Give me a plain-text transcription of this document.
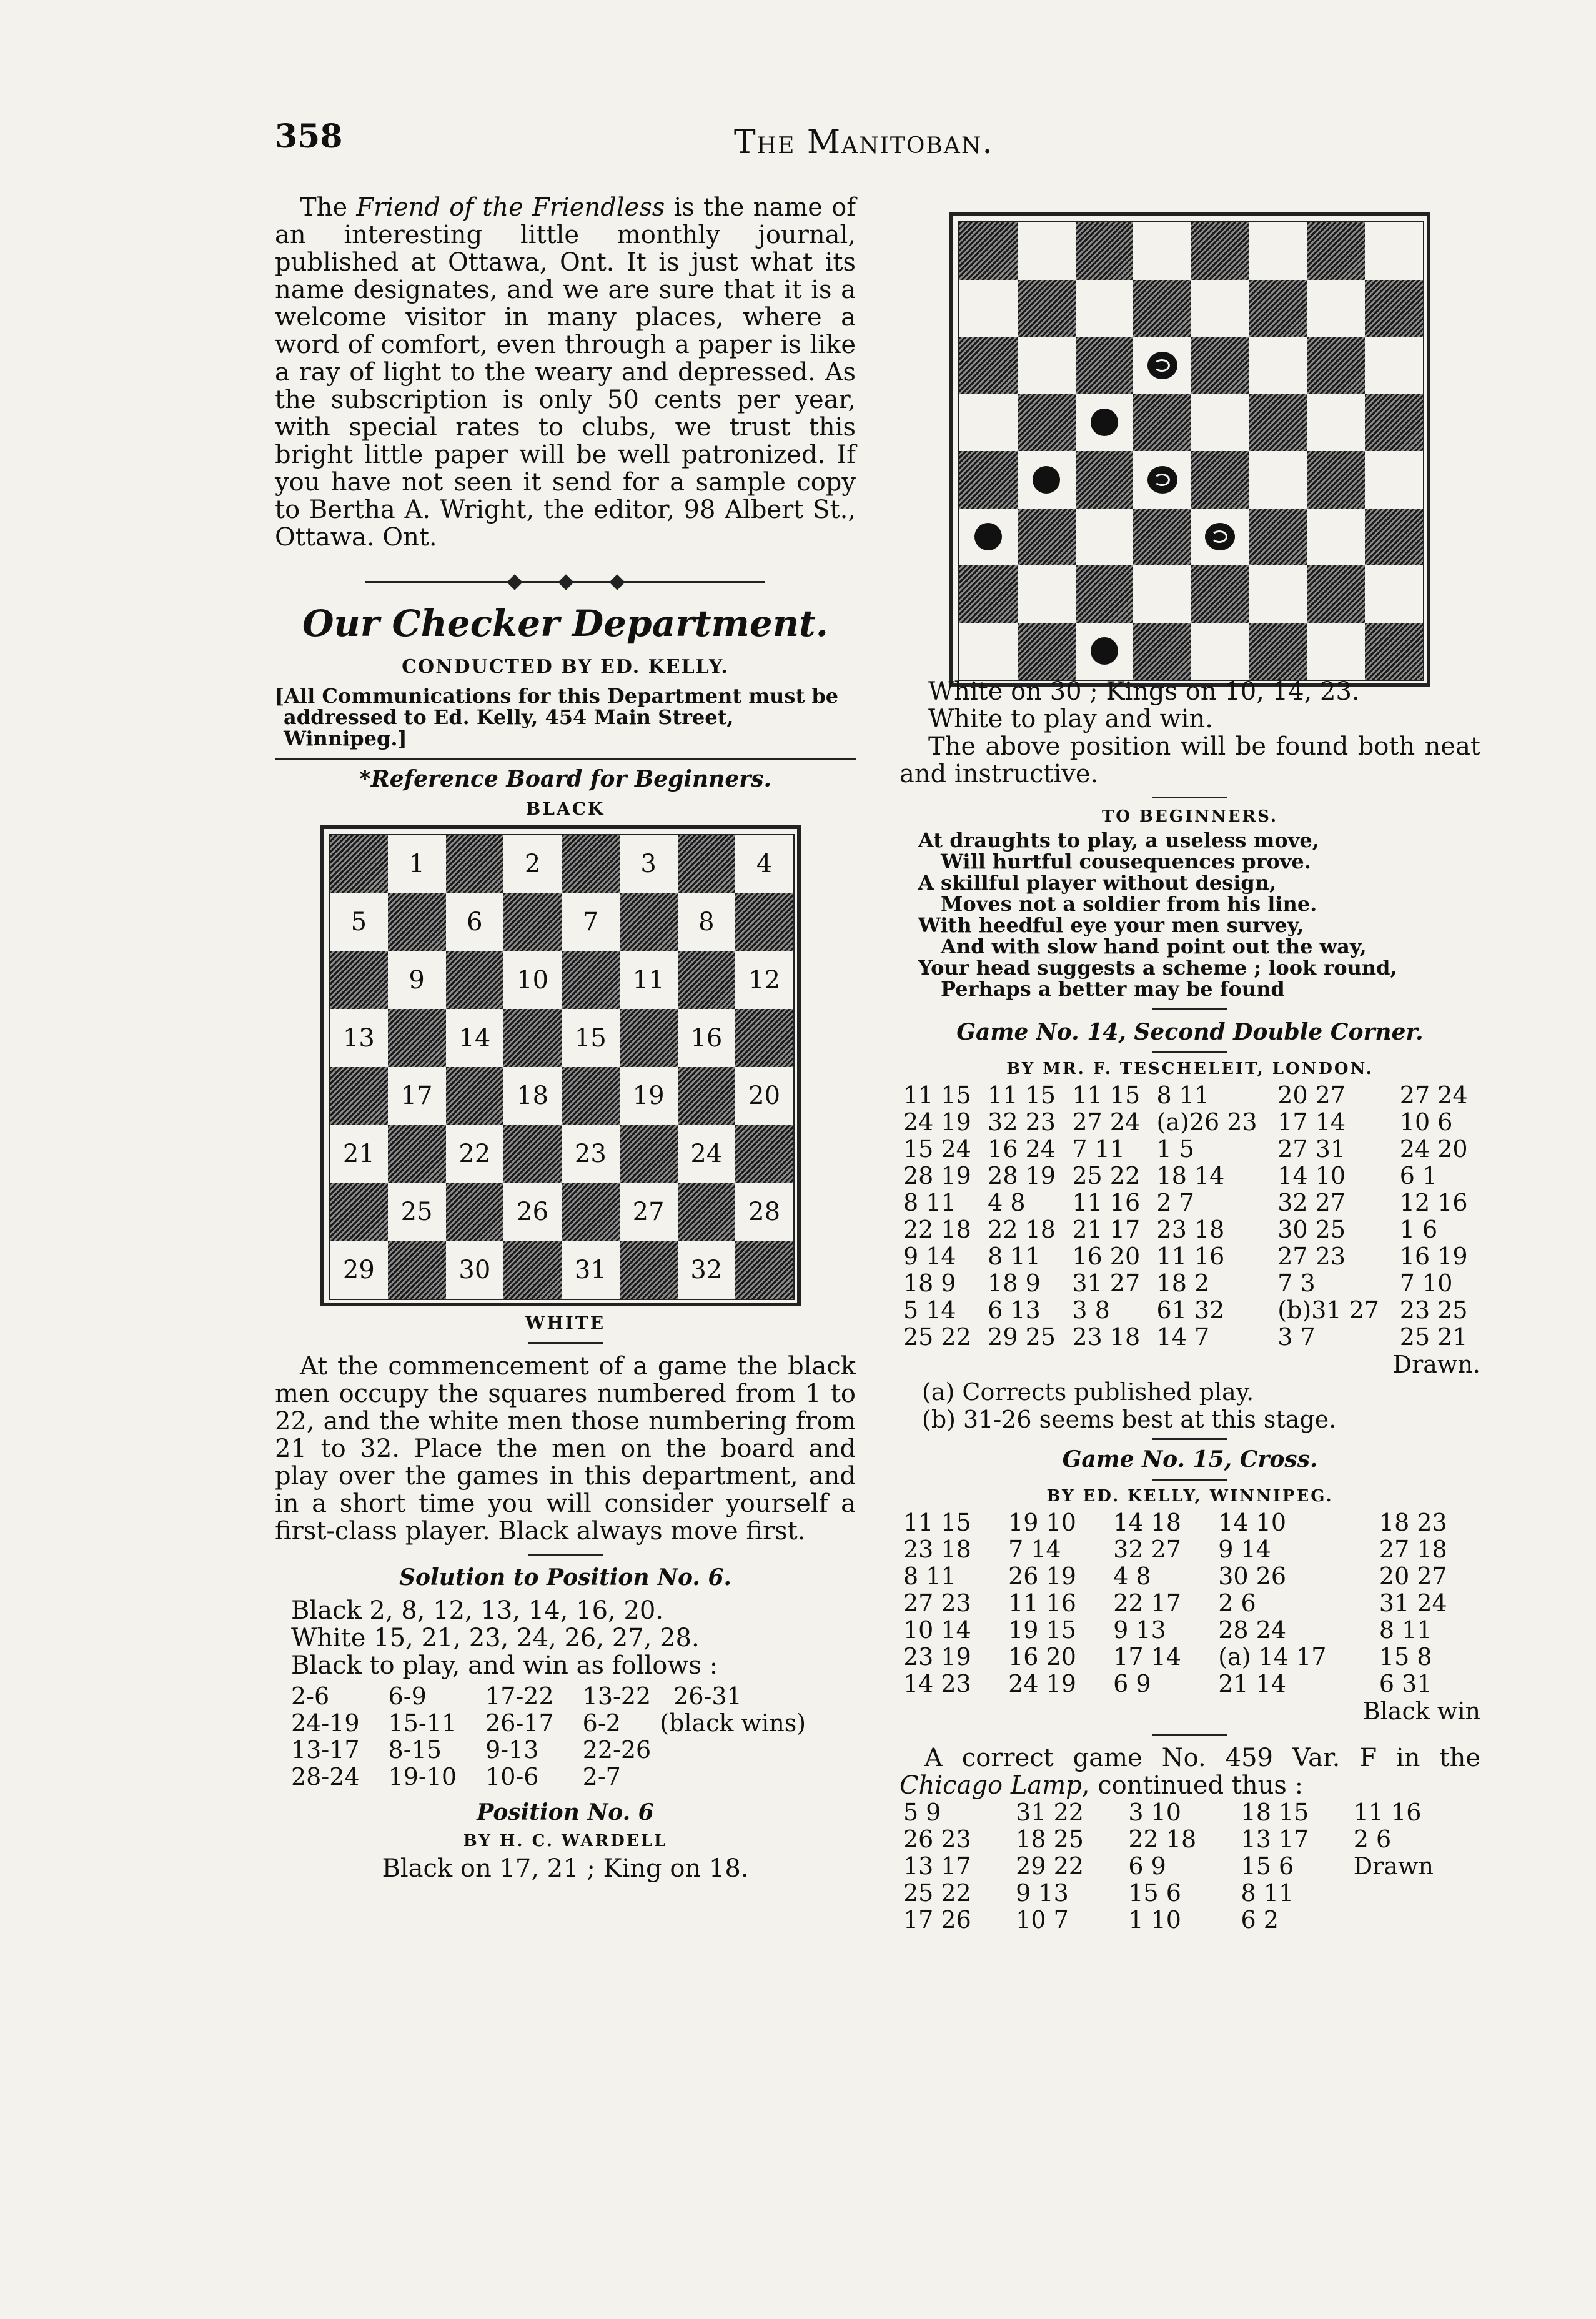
358	The Manitoban.

The Friend of the Friendless is the name of an interesting little monthly journal, published at Ottawa, Ont. It is just what its name designates, and we are sure that it is a welcome visitor in many places, where a word of comfort, even through a paper is like a ray of light to the weary and depressed. As the subscription is only 50 cents per year, with special rates to clubs, we trust this bright little paper will be well patronized. If you have not seen it send for a sample copy to Bertha A. Wright, the editor, 98 Albert St., Ottawa. Ont.

Our Checker Department.
CONDUCTED BY ED. KELLY.
[All Communications for this Department must be addressed to Ed. Kelly, 454 Main Street, Winnipeg.]
*Reference Board for Beginners.
BLACK
1	2	3	4
5	6	7	8
9	10	11	12
13	14	15	16
17	18	19	20
21	22	23	24
25	26	27	28
29	30	31	32
WHITE

At the commencement of a game the black men occupy the squares numbered from 1 to 22, and the white men those numbering from 21 to 32. Place the men on the board and play over the games in this department, and in a short time you will consider yourself a first-class player. Black always move first.

Solution to Position No. 6.
Black 2, 8, 12, 13, 14, 16, 20.
White 15, 21, 23, 24, 26, 27, 28.
Black to play, and win as follows :
2-6	6-9	17-22	13-22	26-31
24-19	15-11	26-17	6-2	(black wins)
13-17	8-15	9-13	22-26	
28-24	19-10	10-6	2-7	
Position No. 6
BY H. C. WARDELL
Black on 17, 21 ; King on 18.
White on 30 ; Kings on 10, 14, 23.
White to play and win.

The above position will be found both neat and instructive.

TO BEGINNERS.
At draughts to play, a useless move,
Will hurtful cousequences prove.
A skillful player without design,
Moves not a soldier from his line.
With heedful eye your men survey,
And with slow hand point out the way,
Your head suggests a scheme ; look round,
Perhaps a better may be found
Game No. 14, Second Double Corner.
BY MR. F. TESCHELEIT, LONDON.
11 15	11 15	11 15	8 11	20 27	27 24
24 19	32 23	27 24	(a)26 23	17 14	10 6
15 24	16 24	7 11	1 5	27 31	24 20
28 19	28 19	25 22	18 14	14 10	6 1
8 11	4 8	11 16	2 7	32 27	12 16
22 18	22 18	21 17	23 18	30 25	1 6
9 14	8 11	16 20	11 16	27 23	16 19
18 9	18 9	31 27	18 2	7 3	7 10
5 14	6 13	3 8	61 32	(b)31 27	23 25
25 22	29 25	23 18	14 7	3 7	25 21
Drawn.
(a) Corrects published play.
(b) 31-26 seems best at this stage.
Game No. 15, Cross.
BY ED. KELLY, WINNIPEG.
11 15	19 10	14 18	14 10	18 23
23 18	7 14	32 27	9 14	27 18
8 11	26 19	4 8	30 26	20 27
27 23	11 16	22 17	2 6	31 24
10 14	19 15	9 13	28 24	8 11
23 19	16 20	17 14	(a) 14 17	15 8
14 23	24 19	6 9	21 14	6 31
Black win

A correct game No. 459 Var. F in the Chicago Lamp, continued thus :

5 9	31 22	3 10	18 15	11 16
26 23	18 25	22 18	13 17	2 6
13 17	29 22	6 9	15 6	Drawn
25 22	9 13	15 6	8 11	
17 26	10 7	1 10	6 2	
